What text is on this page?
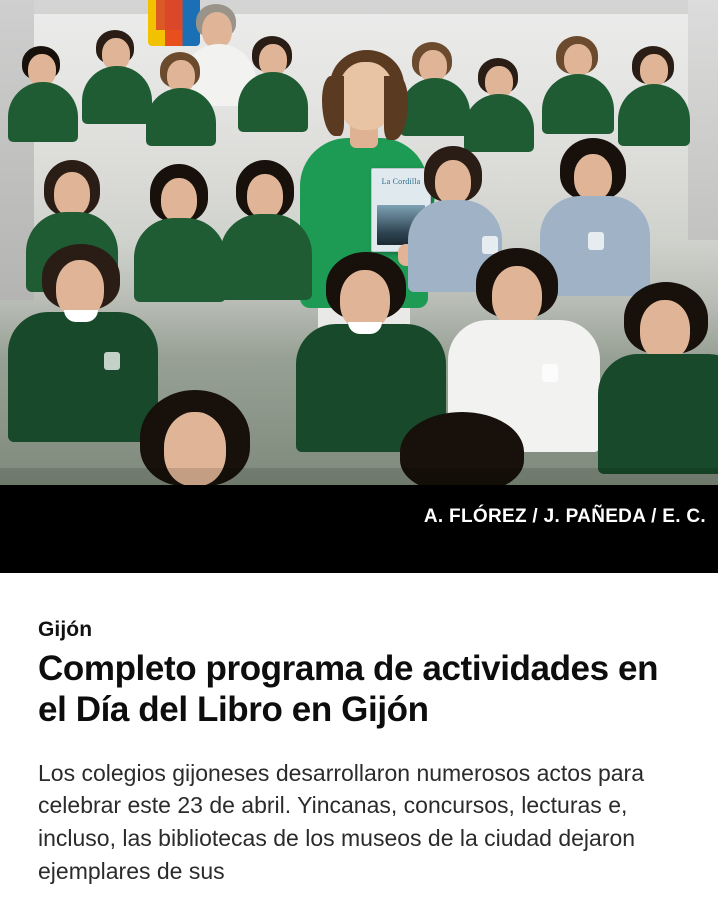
La Cordilla
A. FLÓREZ / J. PAÑEDA / E. C.
Gijón
Completo programa de actividades en el Día del Libro en Gijón

Los colegios gijoneses desarrollaron numerosos actos para celebrar este 23 de abril. Yincanas, concursos, lecturas e, incluso, las bibliotecas de los museos de la ciudad dejaron ejemplares de sus
